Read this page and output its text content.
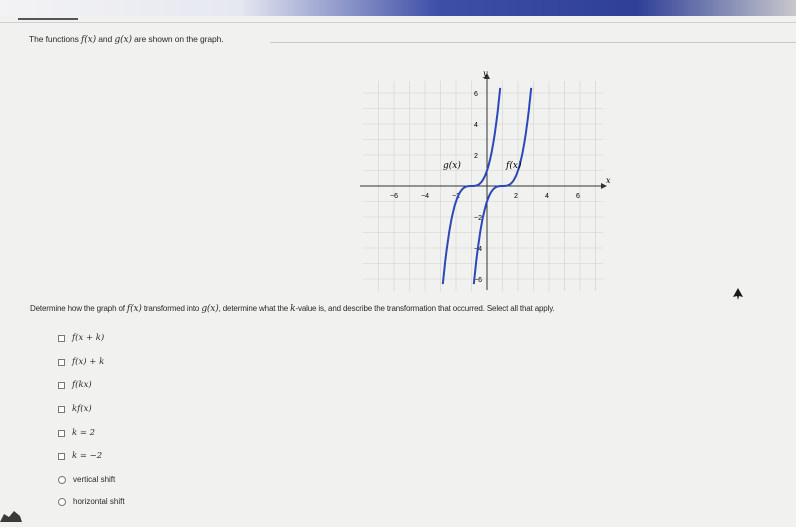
The functions f(x) and g(x) are shown on the graph.
−6	−4	−2	2	4	6
6
4
2
−2
−4
−6
x
y
g(x)	f(x)
Determine how the graph of f(x) transformed into g(x), determine what the k-value is, and describe the transformation that occurred. Select all that apply.
f(x + k)
f(x) + k
f(kx)
kf(x)
k = 2
k = −2
vertical shift
horizontal shift
